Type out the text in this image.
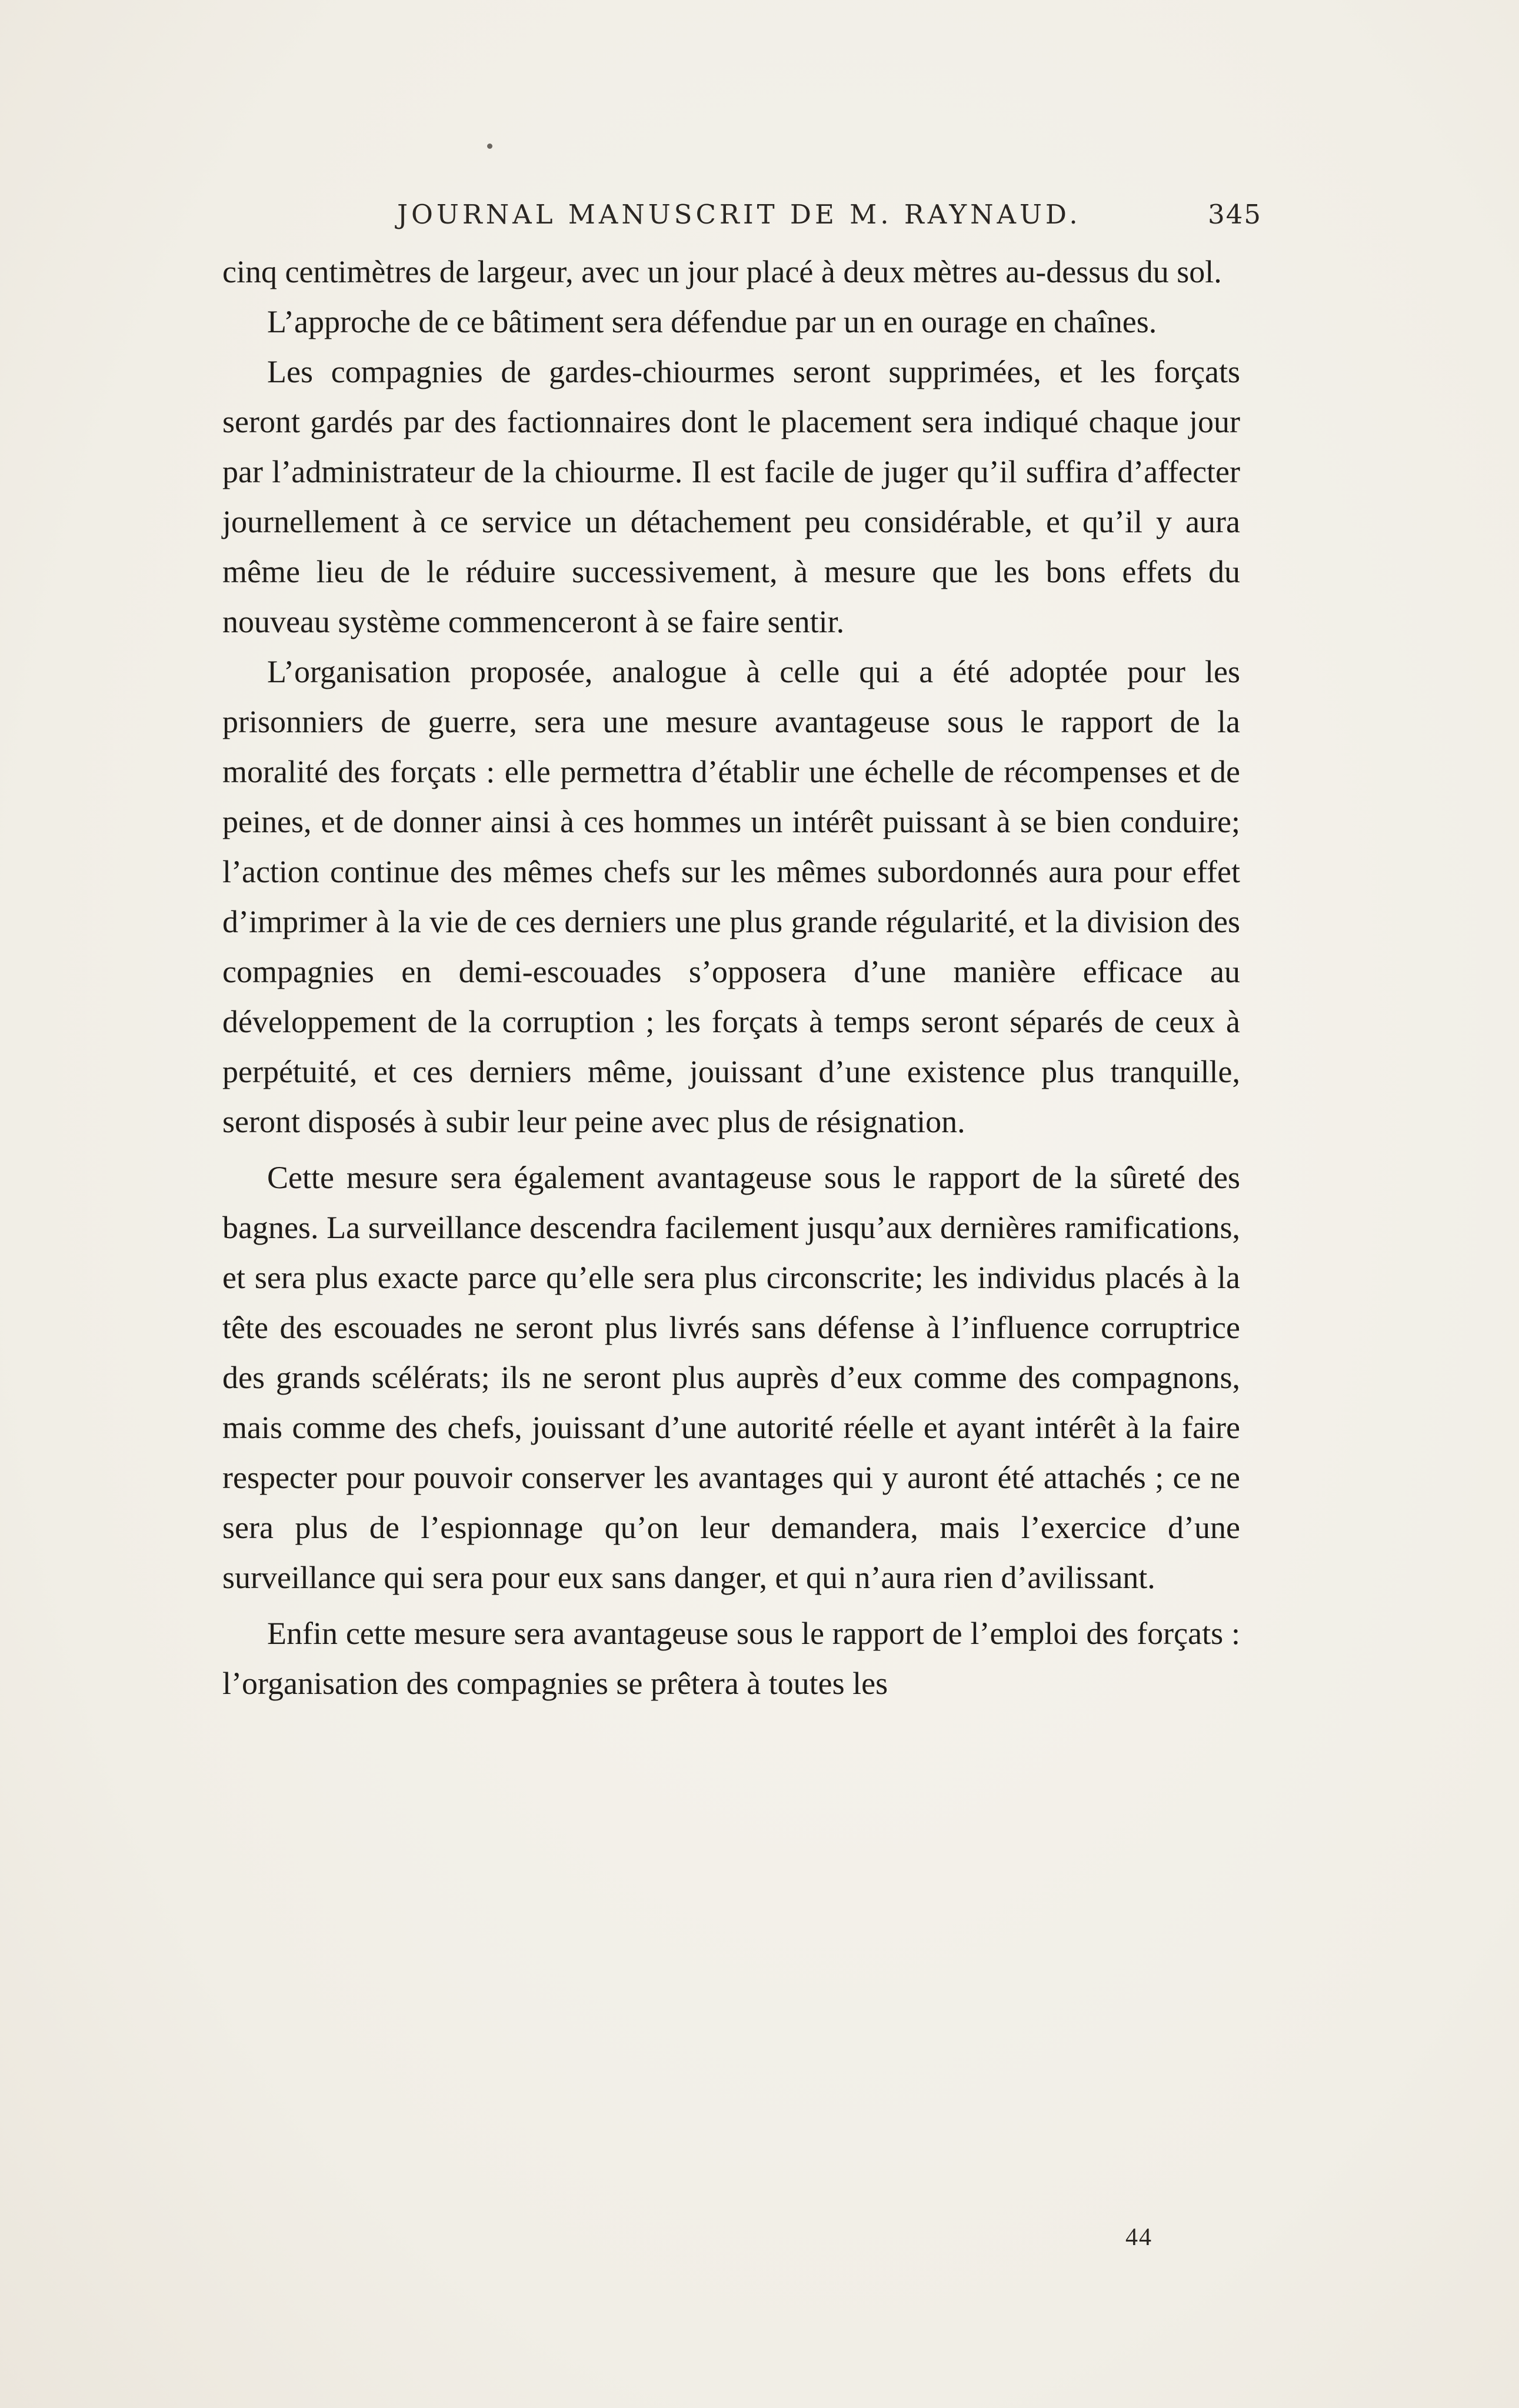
JOURNAL MANUSCRIT DE M. RAYNAUD.	345

cinq centimètres de largeur, avec un jour placé à deux mètres au-dessus du sol.

L’approche de ce bâtiment sera défendue par un en ourage en chaînes.

Les compagnies de gardes-chiourmes seront supprimées, et les forçats seront gardés par des factionnaires dont le placement sera indiqué chaque jour par l’administrateur de la chiourme. Il est facile de juger qu’il suffira d’affecter journellement à ce service un détachement peu considérable, et qu’il y aura même lieu de le réduire successivement, à mesure que les bons effets du nouveau système commenceront à se faire sentir.

L’organisation proposée, analogue à celle qui a été adoptée pour les prisonniers de guerre, sera une mesure avantageuse sous le rapport de la moralité des forçats : elle permettra d’établir une échelle de récompenses et de peines, et de donner ainsi à ces hommes un intérêt puissant à se bien conduire; l’action continue des mêmes chefs sur les mêmes subordonnés aura pour effet d’imprimer à la vie de ces derniers une plus grande régularité, et la division des compagnies en demi-escouades s’opposera d’une manière efficace au développement de la corruption ; les forçats à temps seront séparés de ceux à perpétuité, et ces derniers même, jouissant d’une existence plus tranquille, seront disposés à subir leur peine avec plus de résignation.

Cette mesure sera également avantageuse sous le rapport de la sûreté des bagnes. La surveillance descendra facilement jusqu’aux dernières ramifications, et sera plus exacte parce qu’elle sera plus circonscrite; les individus placés à la tête des escouades ne seront plus livrés sans défense à l’influence corruptrice des grands scélérats; ils ne seront plus auprès d’eux comme des compagnons, mais comme des chefs, jouissant d’une autorité réelle et ayant intérêt à la faire respecter pour pouvoir conserver les avantages qui y auront été attachés ; ce ne sera plus de l’espionnage qu’on leur demandera, mais l’exercice d’une surveillance qui sera pour eux sans danger, et qui n’aura rien d’avilissant.

Enfin cette mesure sera avantageuse sous le rapport de l’emploi des forçats : l’organisation des compagnies se prêtera à toutes les

44
